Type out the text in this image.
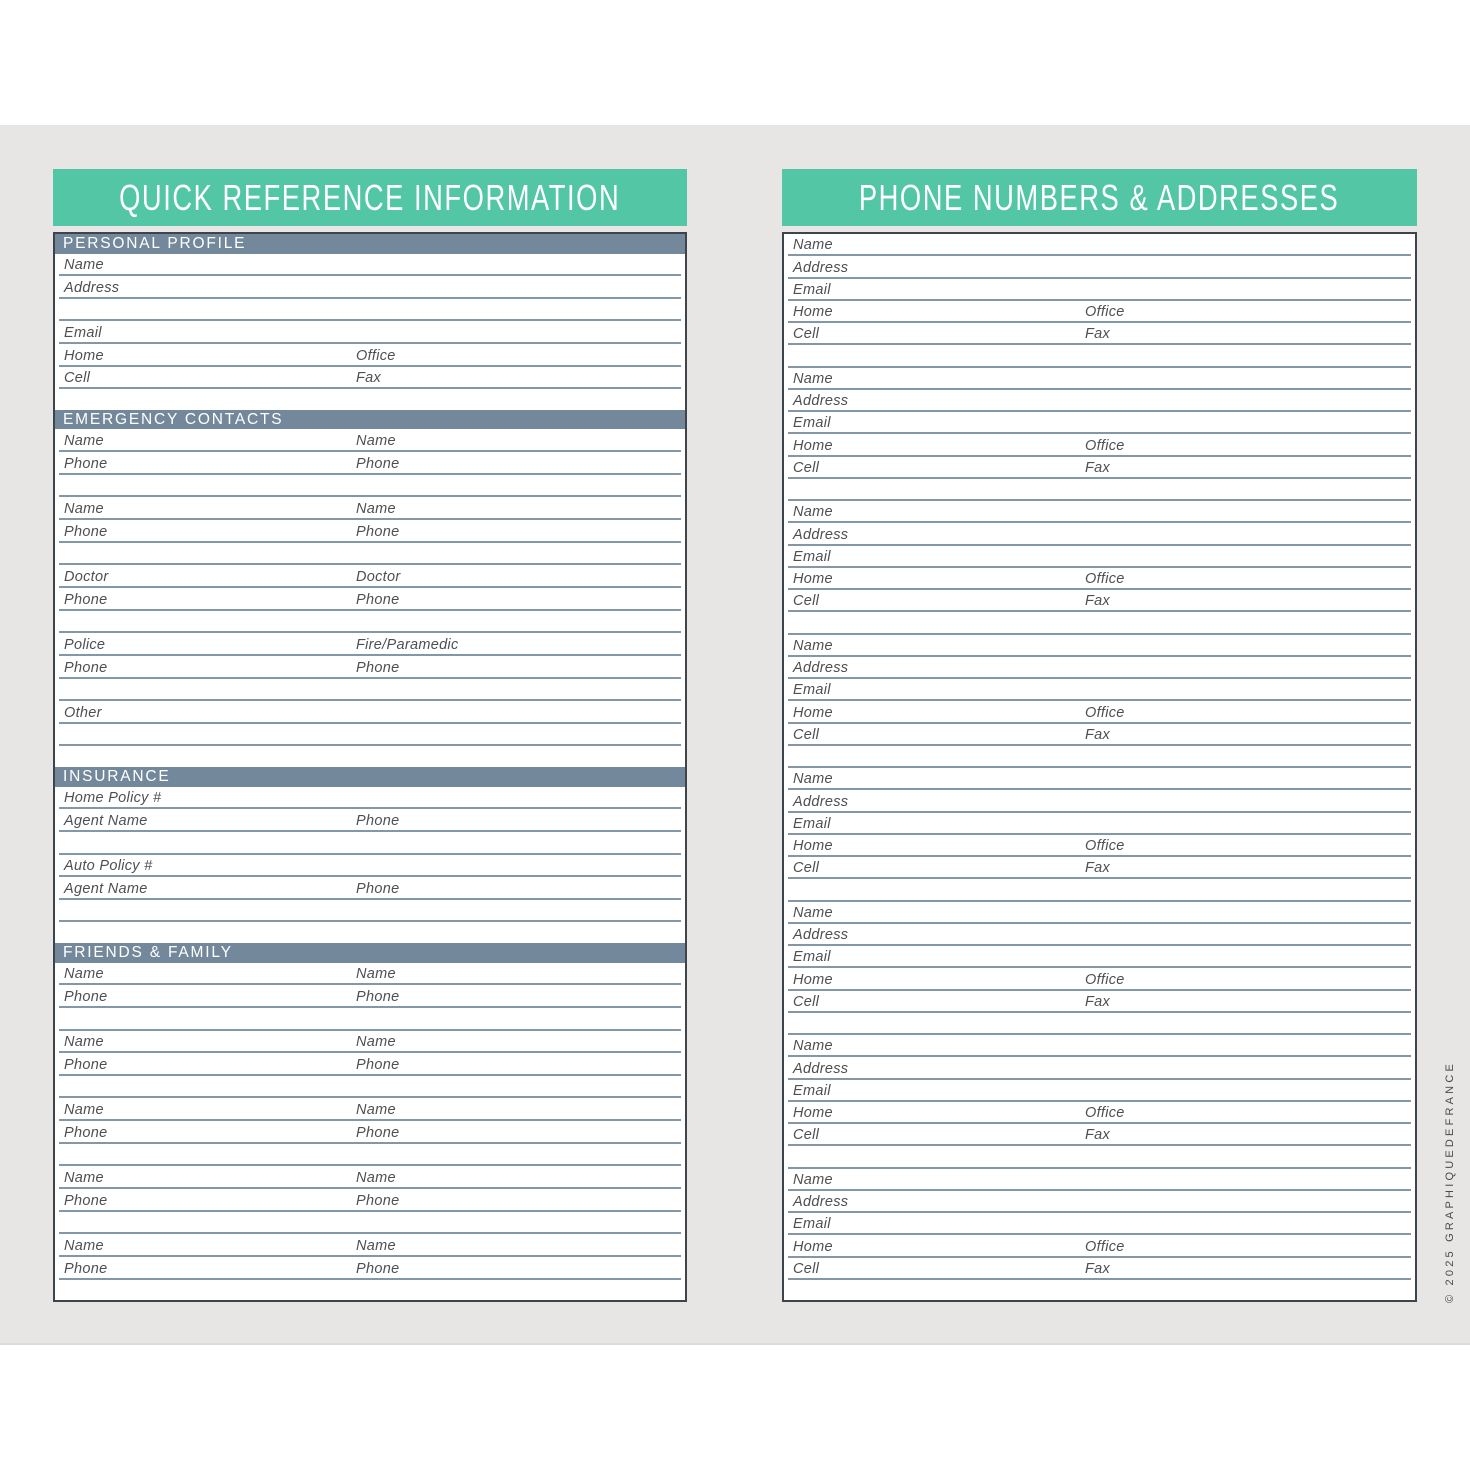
QUICK REFERENCE INFORMATION
PERSONAL PROFILE
Name
Address
Email
Home	Office
Cell	Fax
EMERGENCY CONTACTS
Name	Name
Phone	Phone
Name	Name
Phone	Phone
Doctor	Doctor
Phone	Phone
Police	Fire/Paramedic
Phone	Phone
Other
INSURANCE
Home Policy #
Agent Name	Phone
Auto Policy #
Agent Name	Phone
FRIENDS & FAMILY
Name	Name
Phone	Phone
Name	Name
Phone	Phone
Name	Name
Phone	Phone
Name	Name
Phone	Phone
Name	Name
Phone	Phone
PHONE NUMBERS & ADDRESSES
Name
Address
Email
Home	Office
Cell	Fax
Name
Address
Email
Home	Office
Cell	Fax
Name
Address
Email
Home	Office
Cell	Fax
Name
Address
Email
Home	Office
Cell	Fax
Name
Address
Email
Home	Office
Cell	Fax
Name
Address
Email
Home	Office
Cell	Fax
Name
Address
Email
Home	Office
Cell	Fax
Name
Address
Email
Home	Office
Cell	Fax	© 2025 GRAPHIQUEDEFRANCE
